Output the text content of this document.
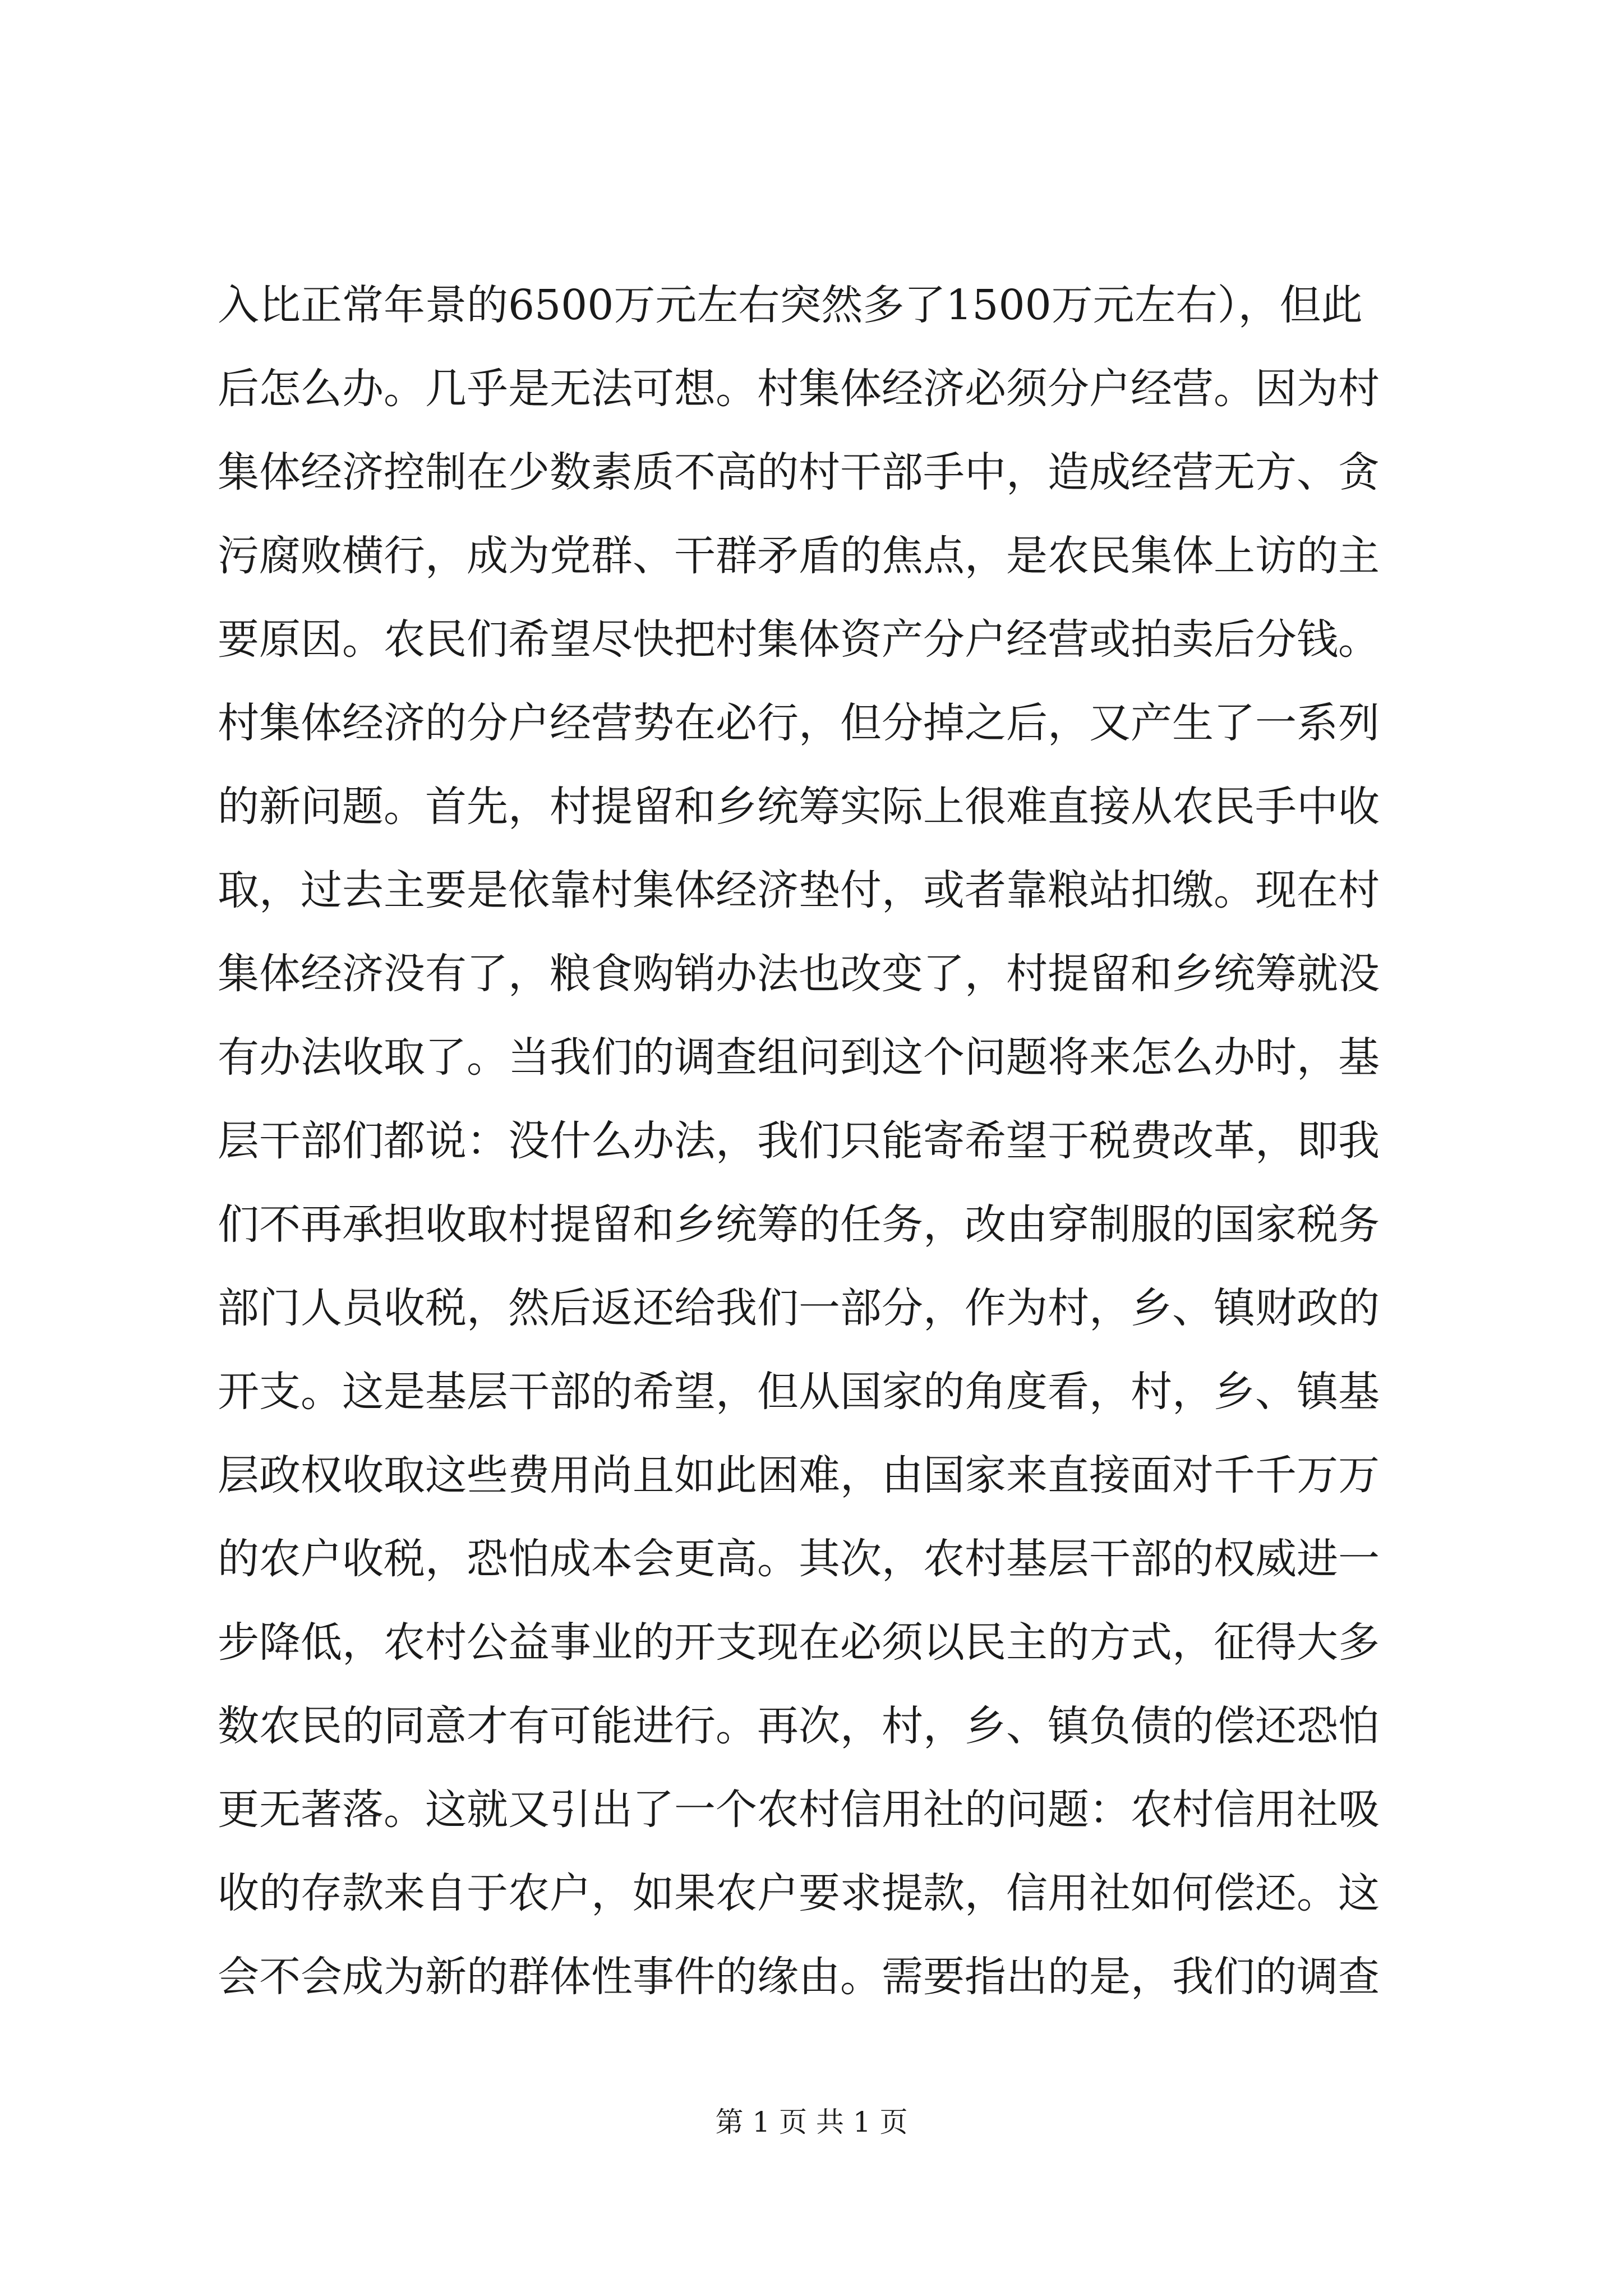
入比正常年景的6500万元左右突然多了1500万元左右），但此
后怎么办。几乎是无法可想。村集体经济必须分户经营。因为村
集体经济控制在少数素质不高的村干部手中，造成经营无方、贪
污腐败横行，成为党群、干群矛盾的焦点，是农民集体上访的主
要原因。农民们希望尽快把村集体资产分户经营或拍卖后分钱。
村集体经济的分户经营势在必行，但分掉之后，又产生了一系列
的新问题。首先，村提留和乡统筹实际上很难直接从农民手中收
取，过去主要是依靠村集体经济垫付，或者靠粮站扣缴。现在村
集体经济没有了，粮食购销办法也改变了，村提留和乡统筹就没
有办法收取了。当我们的调查组问到这个问题将来怎么办时，基
层干部们都说：没什么办法，我们只能寄希望于税费改革，即我
们不再承担收取村提留和乡统筹的任务，改由穿制服的国家税务
部门人员收税，然后返还给我们一部分，作为村，乡、镇财政的
开支。这是基层干部的希望，但从国家的角度看，村，乡、镇基
层政权收取这些费用尚且如此困难，由国家来直接面对千千万万
的农户收税，恐怕成本会更高。其次，农村基层干部的权威进一
步降低，农村公益事业的开支现在必须以民主的方式，征得大多
数农民的同意才有可能进行。再次，村，乡、镇负债的偿还恐怕
更无著落。这就又引出了一个农村信用社的问题：农村信用社吸
收的存款来自于农户，如果农户要求提款，信用社如何偿还。这
会不会成为新的群体性事件的缘由。需要指出的是，我们的调查
第 1 页 共 1 页
